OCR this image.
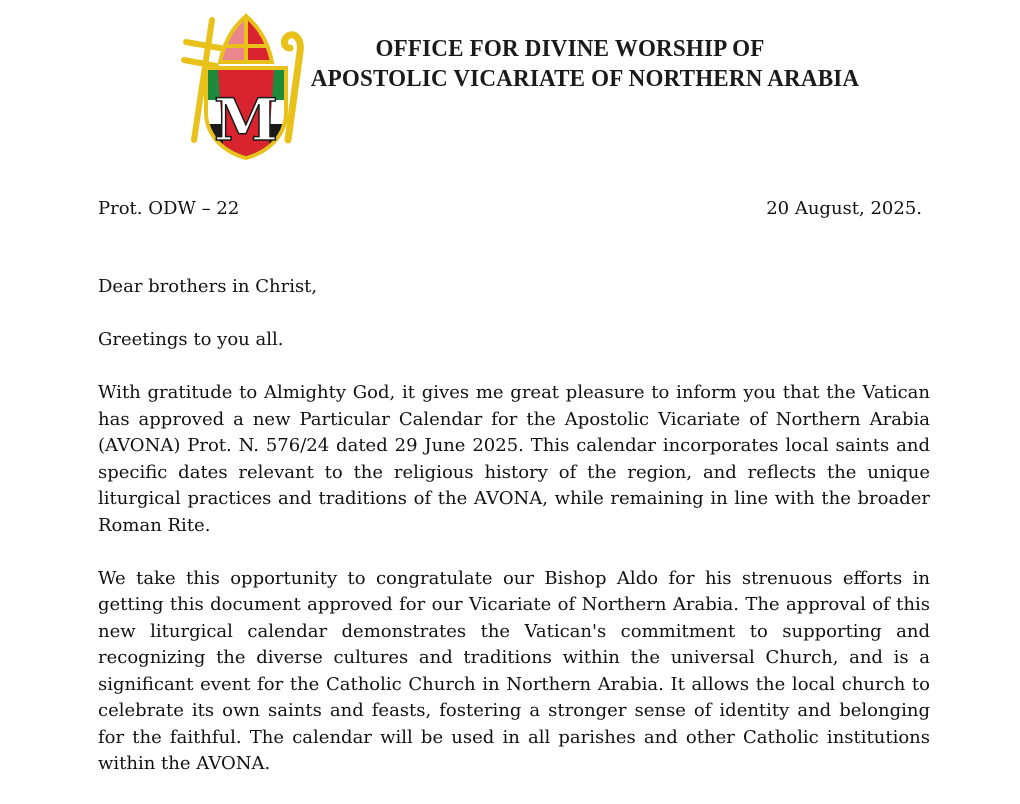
M
OFFICE FOR DIVINE WORSHIP OF
APOSTOLIC VICARIATE OF NORTHERN ARABIA
Prot. ODW – 22	20 August, 2025.

Dear brothers in Christ,

Greetings to you all.

With gratitude to Almighty God, it gives me great pleasure to inform you that the Vatican has approved a new Particular Calendar for the Apostolic Vicariate of Northern Arabia (AVONA) Prot. N. 576/24 dated 29 June 2025. This calendar incorporates local saints and specific dates relevant to the religious history of the region, and reflects the unique liturgical practices and traditions of the AVONA, while remaining in line with the broader Roman Rite.

We take this opportunity to congratulate our Bishop Aldo for his strenuous efforts in getting this document approved for our Vicariate of Northern Arabia. The approval of this new liturgical calendar demonstrates the Vatican's commitment to supporting and recognizing the diverse cultures and traditions within the universal Church, and is a significant event for the Catholic Church in Northern Arabia. It allows the local church to celebrate its own saints and feasts, fostering a stronger sense of identity and belonging for the faithful. The calendar will be used in all parishes and other Catholic institutions within the AVONA.
